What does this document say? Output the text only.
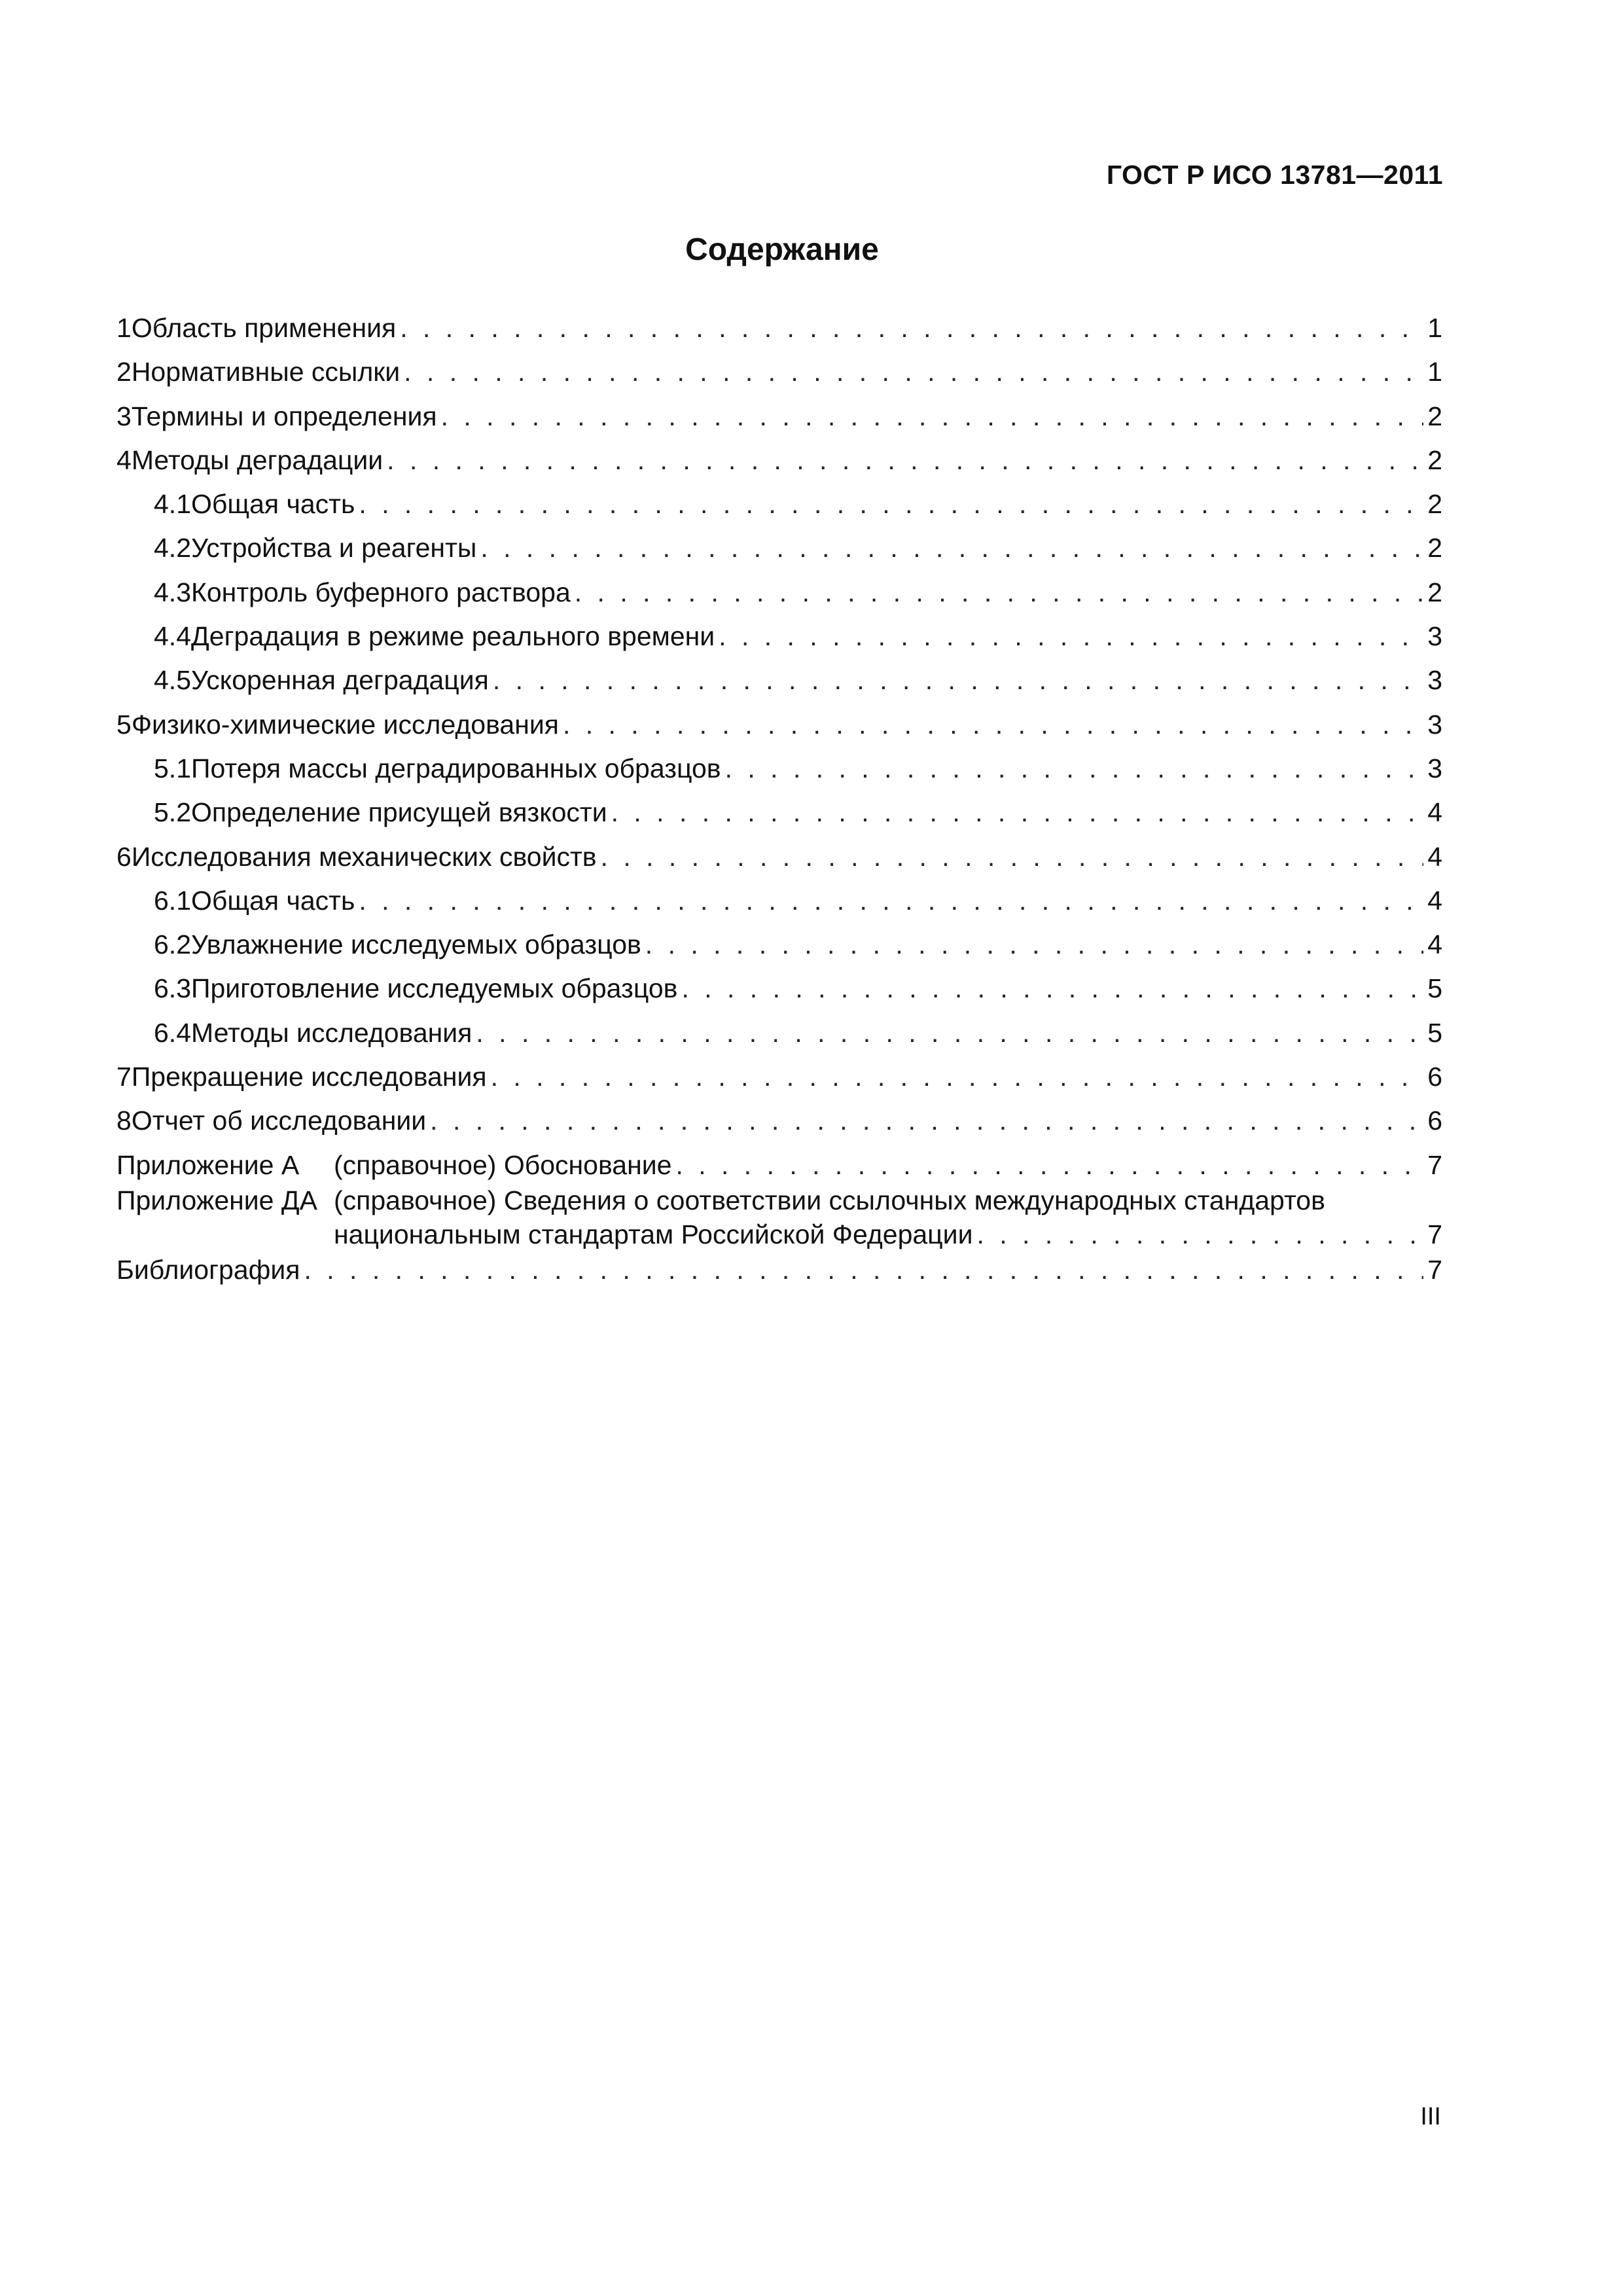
ГОСТ Р ИСО 13781—2011
Содержание
1 Область применения . . .	1
2 Нормативные ссылки . . .	1
3 Термины и определения . . .	2
4 Методы деградации . . .	2
4.1 Общая часть . . .	2
4.2 Устройства и реагенты . . .	2
4.3 Контроль буферного раствора . . .	2
4.4 Деградация в режиме реального времени . . .	3
4.5 Ускоренная деградация . . .	3
5 Физико-химические исследования . . .	3
5.1 Потеря массы деградированных образцов . . .	3
5.2 Определение присущей вязкости . . .	4
6 Исследования механических свойств . . .	4
6.1 Общая часть . . .	4
6.2 Увлажнение исследуемых образцов . . .	4
6.3 Приготовление исследуемых образцов . . .	5
6.4 Методы исследования . . .	5
7 Прекращение исследования . . .	6
8 Отчет об исследовании . . .	6
Приложение А	(справочное) Обоснование . . .	7
Приложение ДА (справочное) Сведения о соответствии ссылочных международных стандартов
национальным стандартам Российской Федерации . . .	7
Библиография . . .	7
III
